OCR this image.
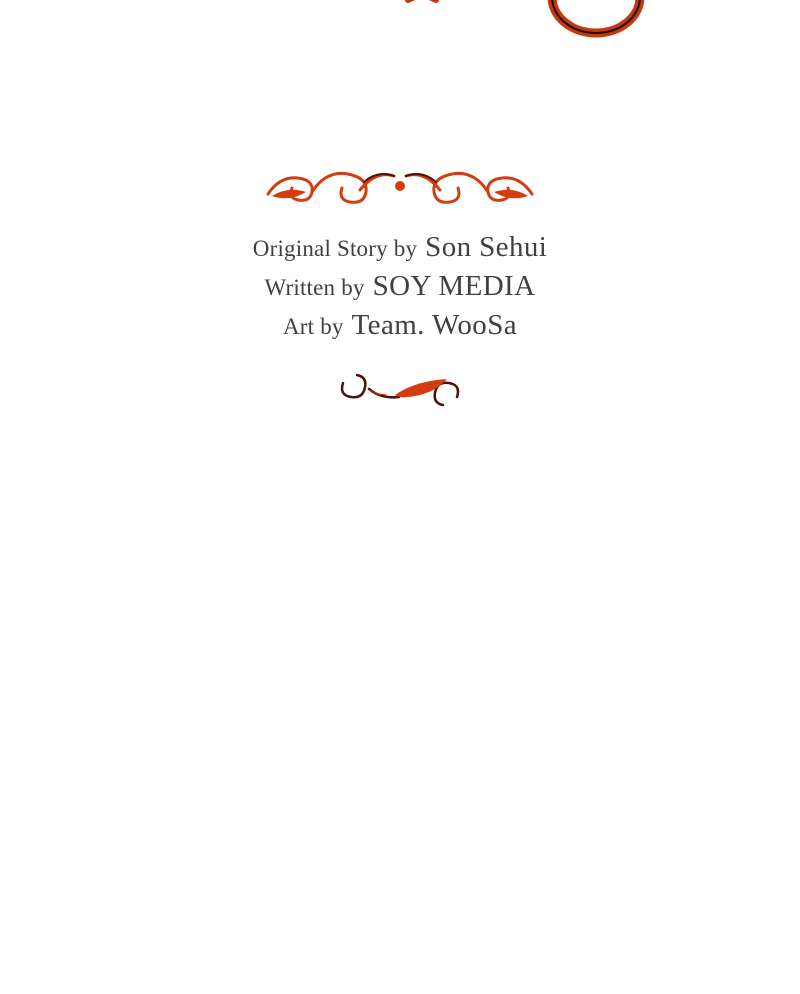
Original Story by Son Sehui
Written by SOY MEDIA
Art by Team. WooSa
